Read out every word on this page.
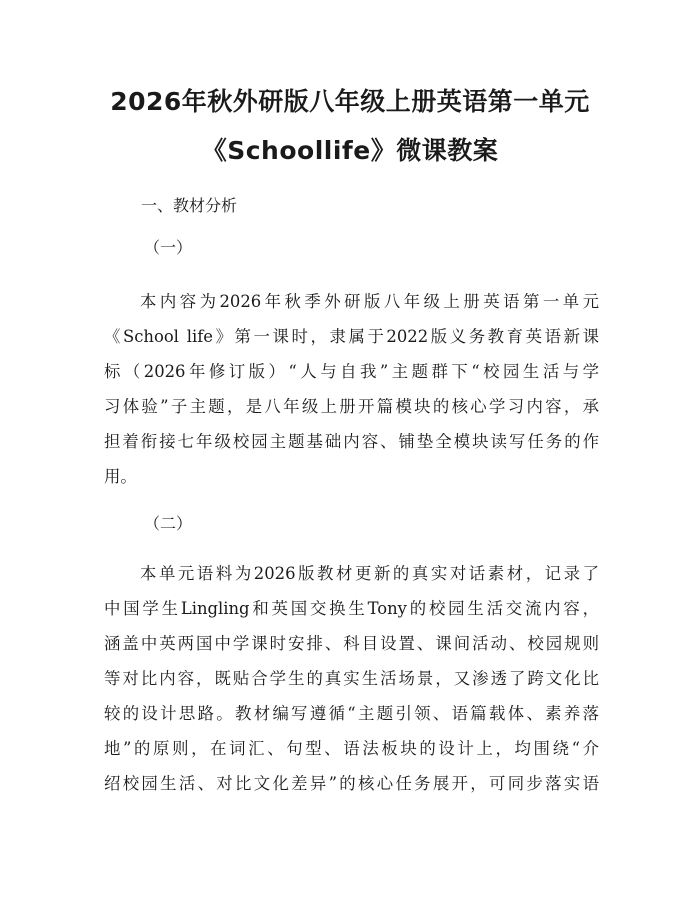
2026年秋外研版八年级上册英语第一单元
《Schoollife》微课教案

一、教材分析

（一）

本内容为2026年秋季外研版八年级上册英语第一单元
《School life》第一课时，隶属于2022版义务教育英语新课
标（2026年修订版）“人与自我”主题群下“校园生活与学
习体验”子主题，是八年级上册开篇模块的核心学习内容，承
担着衔接七年级校园主题基础内容、铺垫全模块读写任务的作
用。

（二）

本单元语料为2026版教材更新的真实对话素材，记录了
中国学生Lingling和英国交换生Tony的校园生活交流内容，
涵盖中英两国中学课时安排、科目设置、课间活动、校园规则
等对比内容，既贴合学生的真实生活场景，又渗透了跨文化比
较的设计思路。教材编写遵循“主题引领、语篇载体、素养落
地”的原则，在词汇、句型、语法板块的设计上，均围绕“介
绍校园生活、对比文化差异”的核心任务展开，可同步落实语
